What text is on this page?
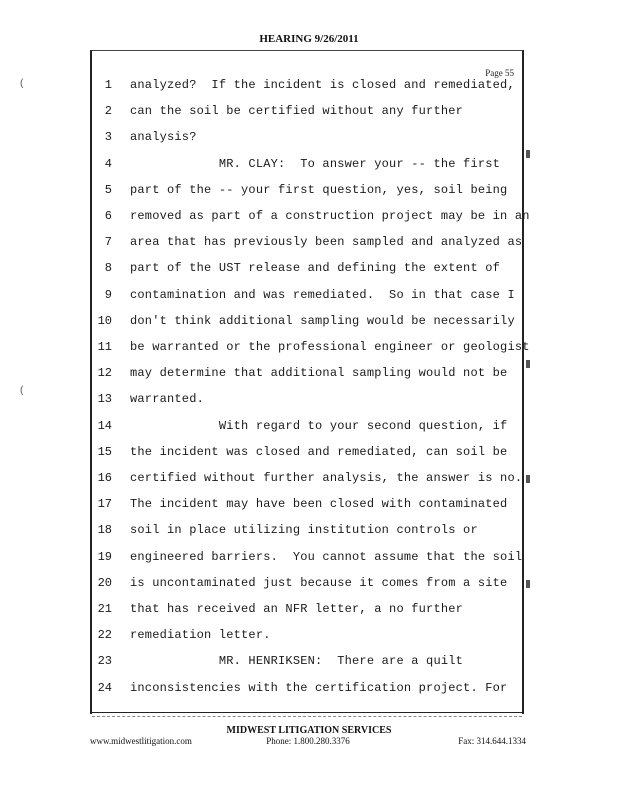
HEARING 9/26/2011
Page 55
(
(
1 analyzed?  If the incident is closed and remediated,
2 can the soil be certified without any further
3 analysis?
4 MR. CLAY:  To answer your -- the first
5 part of the -- your first question, yes, soil being
6 removed as part of a construction project may be in an
7 area that has previously been sampled and analyzed as
8 part of the UST release and defining the extent of
9 contamination and was remediated.  So in that case I
10 don't think additional sampling would be necessarily
11 be warranted or the professional engineer or geologist
12 may determine that additional sampling would not be
13 warranted.
14 With regard to your second question, if
15 the incident was closed and remediated, can soil be
16 certified without further analysis, the answer is no.
17 The incident may have been closed with contaminated
18 soil in place utilizing institution controls or
19 engineered barriers.  You cannot assume that the soil
20 is uncontaminated just because it comes from a site
21 that has received an NFR letter, a no further
22 remediation letter.
23 MR. HENRIKSEN:  There are a quilt
24 inconsistencies with the certification project. For
MIDWEST LITIGATION SERVICES
www.midwestlitigation.com	Phone: 1.800.280.3376	Fax: 314.644.1334
